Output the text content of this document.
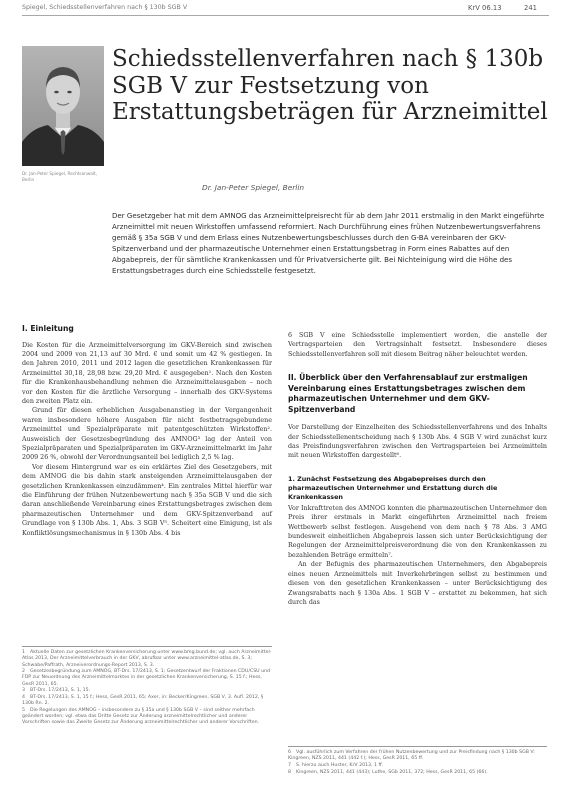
Spiegel, Schiedsstellenverfahren nach § 130b SGB V	KrV 06.13	241
Dr. Jan-Peter Spiegel, Rechtsanwalt, Berlin
Schiedsstellenverfahren nach § 130b SGB V zur Festsetzung von Erstattungsbeträgen für Arzneimittel
Dr. Jan-Peter Spiegel, Berlin

Der Gesetzgeber hat mit dem AMNOG das Arzneimittelpreisrecht für ab dem Jahr 2011 erstmalig in den Markt eingeführte Arzneimittel mit neuen Wirkstoffen umfassend reformiert. Nach Durchführung eines frühen Nutzenbewertungsverfahrens gemäß § 35a SGB V und dem Erlass eines Nutzenbewertungsbeschlusses durch den G-BA vereinbaren der GKV-Spitzenverband und der pharmazeutische Unternehmer einen Erstattungsbetrag in Form eines Rabattes auf den Abgabepreis, der für sämtliche Krankenkassen und für Privatversicherte gilt. Bei Nichteinigung wird die Höhe des Erstattungsbetrages durch eine Schiedsstelle festgesetzt.

I. Einleitung

Die Kosten für die Arzneimittelversorgung im GKV-Bereich sind zwischen 2004 und 2009 von 21,13 auf 30 Mrd. € und somit um 42 % gestiegen. In den Jahren 2010, 2011 und 2012 lagen die gesetzlichen Krankenkassen für Arzneimittel 30,18, 28,98 bzw. 29,20 Mrd. € ausgegeben¹. Nach den Kosten für die Krankenhausbehandlung nehmen die Arzneimittelausgaben – noch vor den Kosten für die ärztliche Versorgung – innerhalb des GKV-Systems den zweiten Platz ein.

Grund für diesen erheblichen Ausgabenanstieg in der Vergangenheit waren insbesondere höhere Ausgaben für nicht festbetragsgebundene Arzneimittel und Spezialpräparate mit patentgeschützten Wirkstoffen². Ausweislich der Gesetzesbegründung des AMNOG³ lag der Anteil von Spezialpräparaten und Spezialpräparaten im GKV-Arzneimittelmarkt im Jahr 2009 26 %, obwohl der Verordnungsanteil bei lediglich 2,5 % lag.

Vor diesem Hintergrund war es ein erklärtes Ziel des Gesetzgebers, mit dem AMNOG die bis dahin stark ansteigenden Arzneimittelausgaben der gesetzlichen Krankenkassen einzudämmen⁴. Ein zentrales Mittel hierfür war die Einführung der frühen Nutzenbewertung nach § 35a SGB V und die sich daran anschließende Vereinbarung eines Erstattungsbetrages zwischen dem pharmazeutischen Unternehmer und dem GKV-Spitzenverband auf Grundlage von § 130b Abs. 1, Abs. 3 SGB V⁵. Scheitert eine Einigung, ist als Konfliktlösungsmechanismus in § 130b Abs. 4 bis

6 SGB V eine Schiedsstelle implementiert worden, die anstelle der Vertragsparteien den Vertragsinhalt festsetzt. Insbesondere dieses Schiedsstellenverfahren soll mit diesem Beitrag näher beleuchtet werden.

II. Überblick über den Verfahrensablauf zur erstmaligen Vereinbarung eines Erstattungsbetrages zwischen dem pharmazeutischen Unternehmer und dem GKV-Spitzenverband

Vor Darstellung der Einzelheiten des Schiedsstellenverfahrens und des Inhalts der Schiedsstellenentscheidung nach § 130b Abs. 4 SGB V wird zunächst kurz das Preisfindungsverfahren zwischen den Vertragsparteien bei Arzneimitteln mit neuen Wirkstoffen dargestellt⁶.

1. Zunächst Festsetzung des Abgabepreises durch den pharmazeutischen Unternehmer und Erstattung durch die Krankenkassen

Vor Inkrafttreten des AMNOG konnten die pharmazeutischen Unternehmer den Preis ihrer erstmals in Markt eingeführten Arzneimittel nach freiem Wettbewerb selbst festlegen. Ausgehend von dem nach § 78 Abs. 3 AMG bundesweit einheitlichen Abgabepreis lassen sich unter Berücksichtigung der Regelungen der Arzneimittelpreisverordnung die von den Krankenkassen zu bezahlenden Beträge ermitteln⁷.

An der Befugnis des pharmazeutischen Unternehmers, den Abgabepreis eines neuen Arzneimittels mit Inverkehrbringen selbst zu bestimmen und diesen von den gesetzlichen Krankenkassen – unter Berücksichtigung des Zwangsrabatts nach § 130a Abs. 1 SGB V – erstattet zu bekommen, hat sich durch das

1 Aktuelle Daten zur gesetzlichen Krankenversicherung unter www.bmg.bund.de; vgl. auch Arzneimittel-Atlas 2013, Der Arzneimittelverbrauch in der GKV, abrufbar unter www.arzneimittel-atlas.de, S. 3; Schwabe/Paffrath, Arzneiverordnungs-Report 2013, S. 3.
2 Gesetzesbegründung zum AMNOG, BT-Drs. 17/2413, S. 1; Gesetzentwurf der Fraktionen CDU/CSU und FDP zur Neuordnung des Arzneimittelmarktes in der gesetzlichen Krankenversicherung, S. 15 f.; Hess, GesR 2011, 65.
3 BT-Drs. 17/2413, S. 1, 15.
4 BT-Drs. 17/2413, S. 1, 15 f.; Hess, GesR 2011, 65; Axer, in: Becker/Kingreen, SGB V, 3. Aufl. 2012, § 130b Rn. 2.
5 Die Regelungen des AMNOG – insbesondere zu § 35a und § 130b SGB V – sind seither mehrfach geändert worden; vgl. etwa das Dritte Gesetz zur Änderung arzneimittelrechtlicher und anderer Vorschriften sowie das Zweite Gesetz zur Änderung arzneimittelrechtlicher und anderer Vorschriften.
6 Vgl. ausführlich zum Verfahren der frühen Nutzenbewertung und zur Preisfindung nach § 130b SGB V: Kingreen, NZS 2011, 441 (442 f.); Hess, GesR 2011, 65 ff.
7 S. hierzu auch Huster, KrV 2013, 1 ff.
8 Kingreen, NZS 2011, 441 (443); Luthe, SGb 2011, 372; Hess, GesR 2011, 65 (66).
